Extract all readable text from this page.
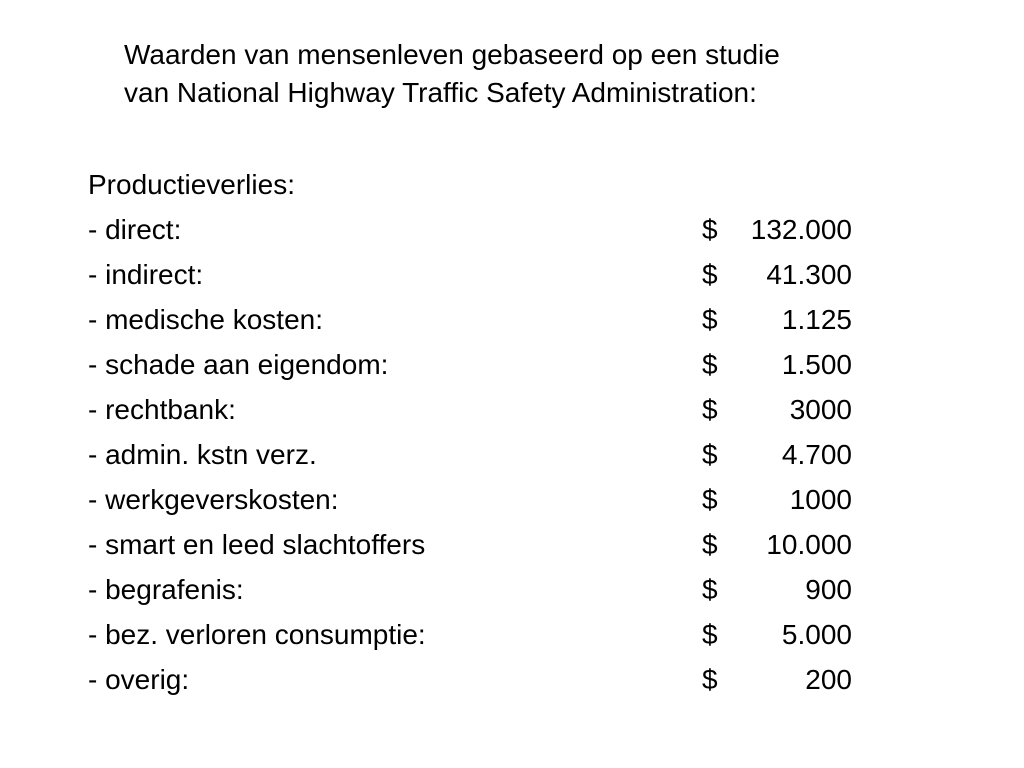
Waarden van mensenleven gebaseerd op een studie
van National Highway Traffic Safety Administration:
Productieverlies:
- direct:	$ 132.000
- indirect:	$ 41.300
- medische kosten:	$ 1.125
- schade aan eigendom:	$ 1.500
- rechtbank:	$	3000
- admin. kstn verz.	$ 4.700
- werkgeverskosten:	$	1000
- smart en leed slachtoffers	$ 10.000
- begrafenis:	$	900
- bez. verloren consumptie:	$ 5.000
- overig:	$	200
